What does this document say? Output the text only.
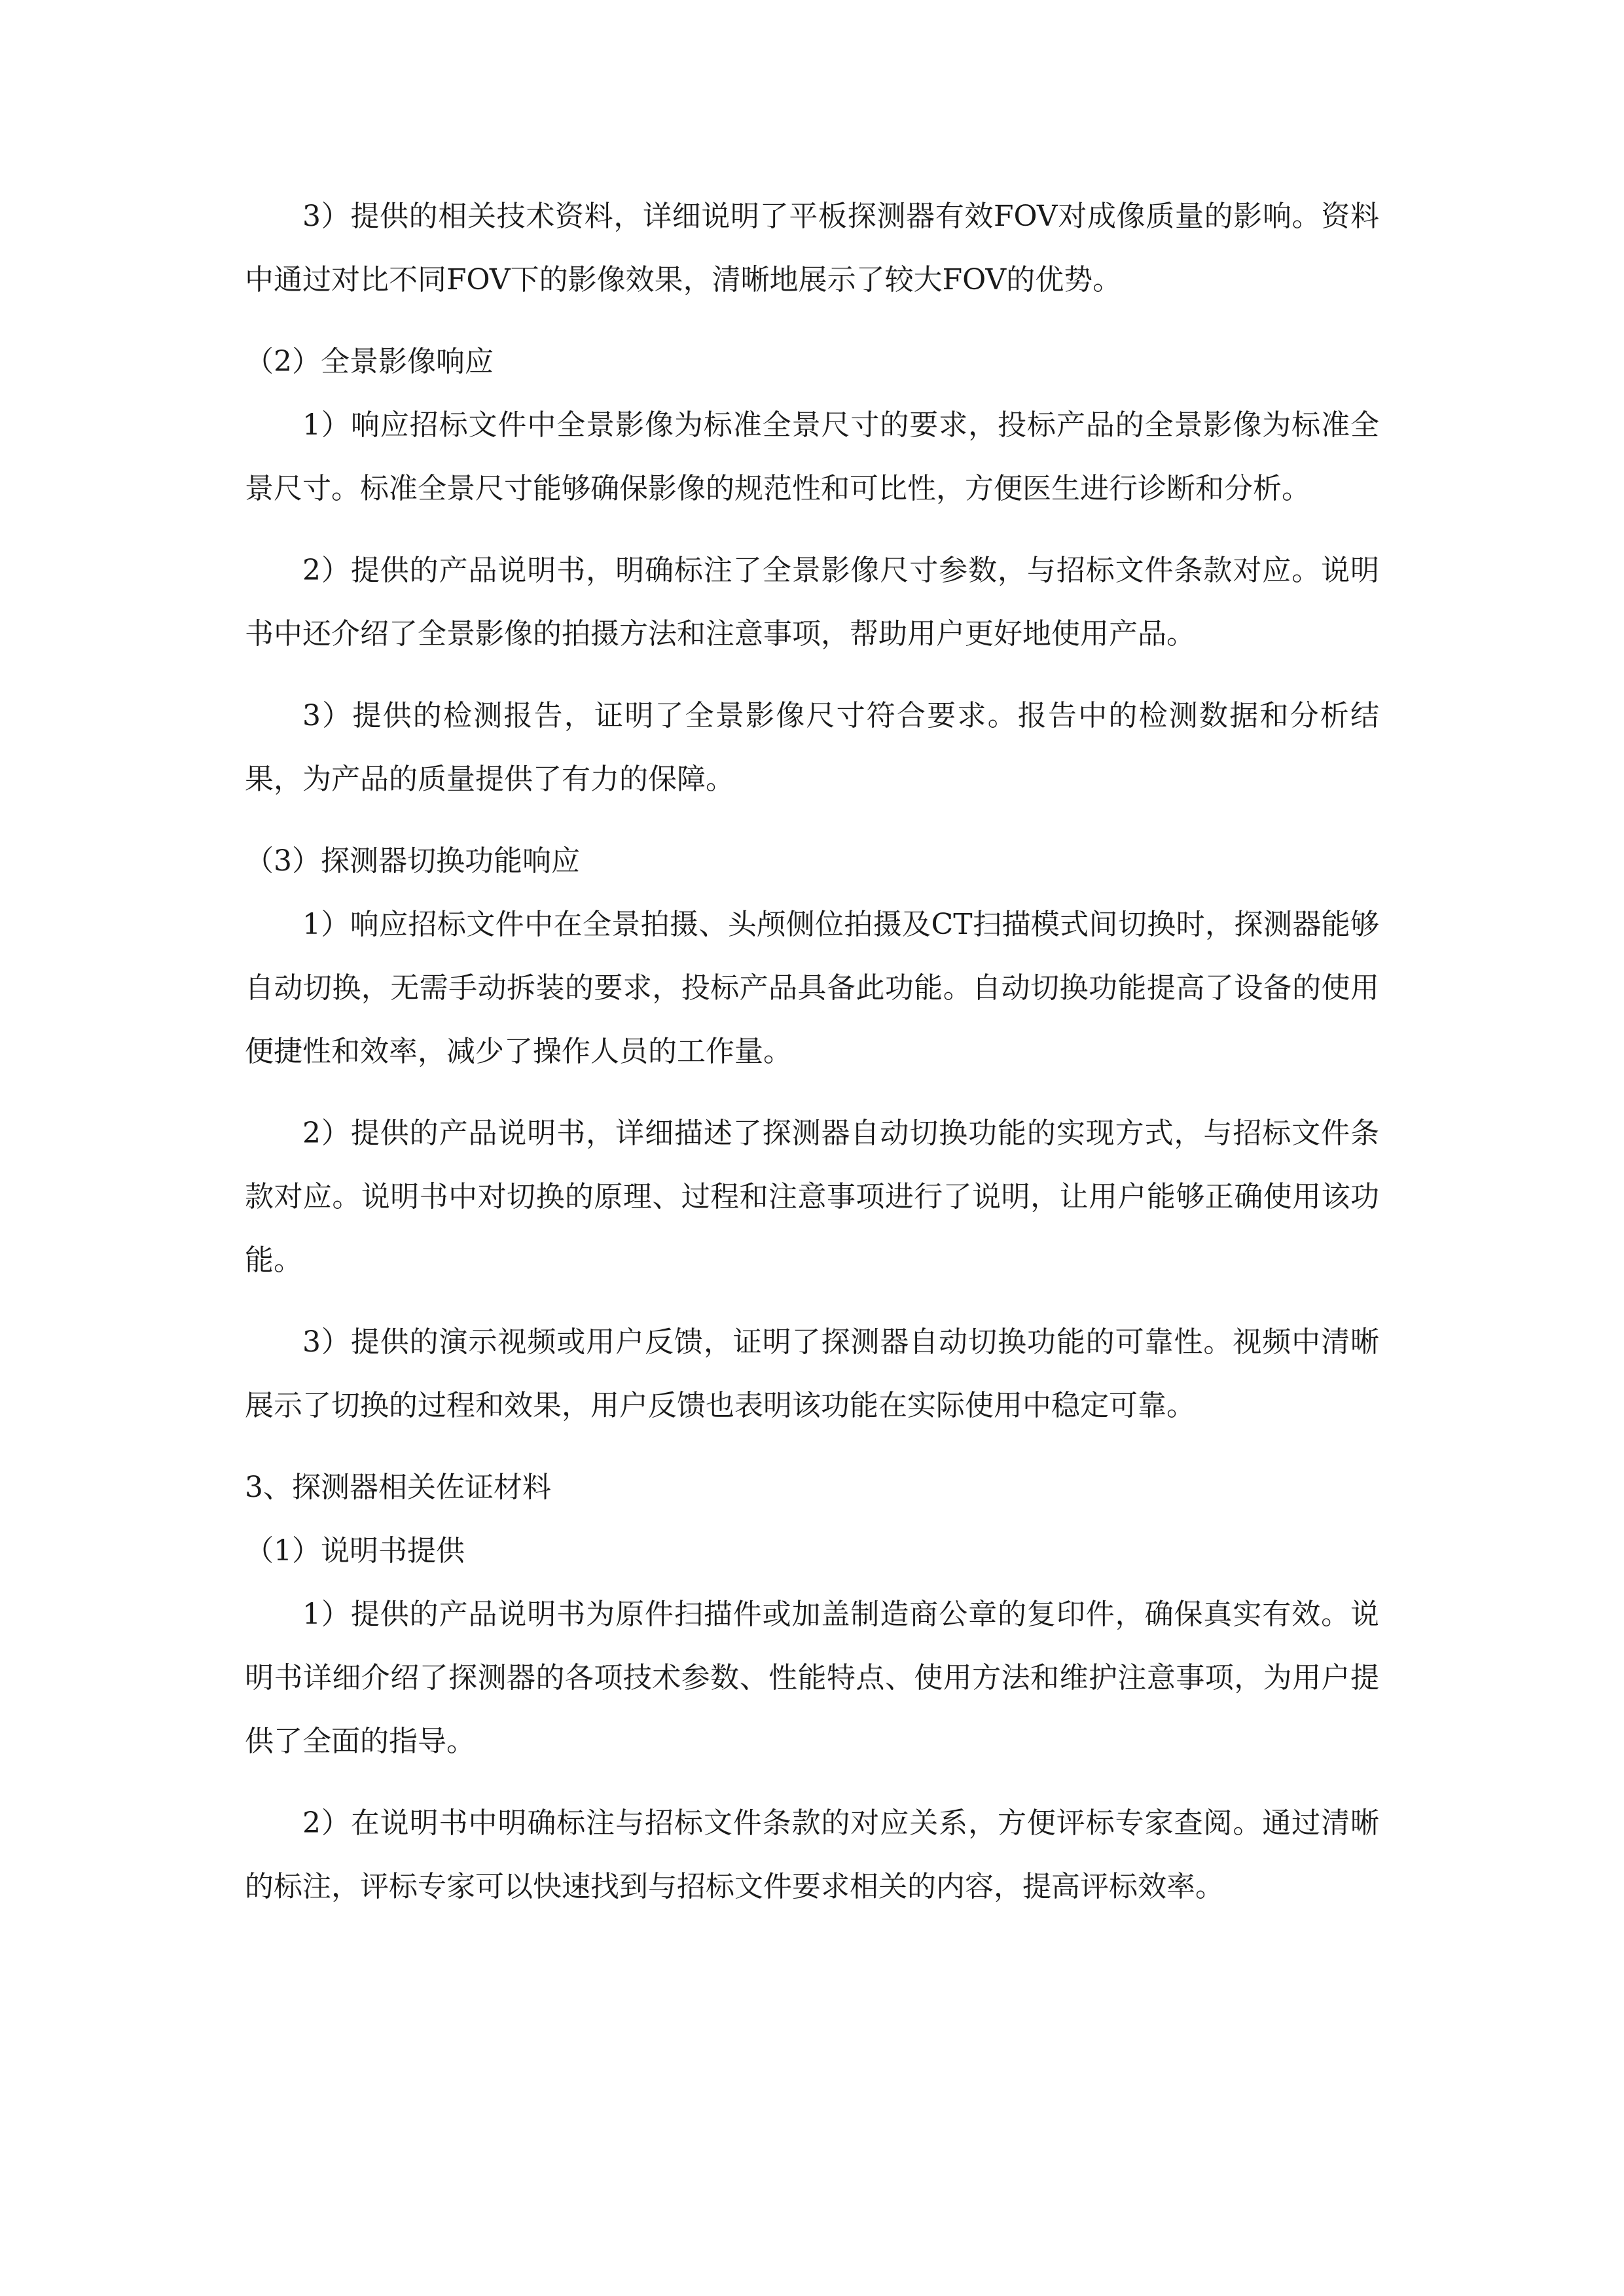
3）提供的相关技术资料，详细说明了平板探测器有效FOV对成像质量的影响。资料中通过对比不同FOV下的影像效果，清晰地展示了较大FOV的优势。

（2）全景影像响应

1）响应招标文件中全景影像为标准全景尺寸的要求，投标产品的全景影像为标准全景尺寸。标准全景尺寸能够确保影像的规范性和可比性，方便医生进行诊断和分析。

2）提供的产品说明书，明确标注了全景影像尺寸参数，与招标文件条款对应。说明书中还介绍了全景影像的拍摄方法和注意事项，帮助用户更好地使用产品。

3）提供的检测报告，证明了全景影像尺寸符合要求。报告中的检测数据和分析结果，为产品的质量提供了有力的保障。

（3）探测器切换功能响应

1）响应招标文件中在全景拍摄、头颅侧位拍摄及CT扫描模式间切换时，探测器能够自动切换，无需手动拆装的要求，投标产品具备此功能。自动切换功能提高了设备的使用便捷性和效率，减少了操作人员的工作量。

2）提供的产品说明书，详细描述了探测器自动切换功能的实现方式，与招标文件条款对应。说明书中对切换的原理、过程和注意事项进行了说明，让用户能够正确使用该功能。

3）提供的演示视频或用户反馈，证明了探测器自动切换功能的可靠性。视频中清晰展示了切换的过程和效果，用户反馈也表明该功能在实际使用中稳定可靠。

3、探测器相关佐证材料

（1）说明书提供

1）提供的产品说明书为原件扫描件或加盖制造商公章的复印件，确保真实有效。说明书详细介绍了探测器的各项技术参数、性能特点、使用方法和维护注意事项，为用户提供了全面的指导。

2）在说明书中明确标注与招标文件条款的对应关系，方便评标专家查阅。通过清晰的标注，评标专家可以快速找到与招标文件要求相关的内容，提高评标效率。
